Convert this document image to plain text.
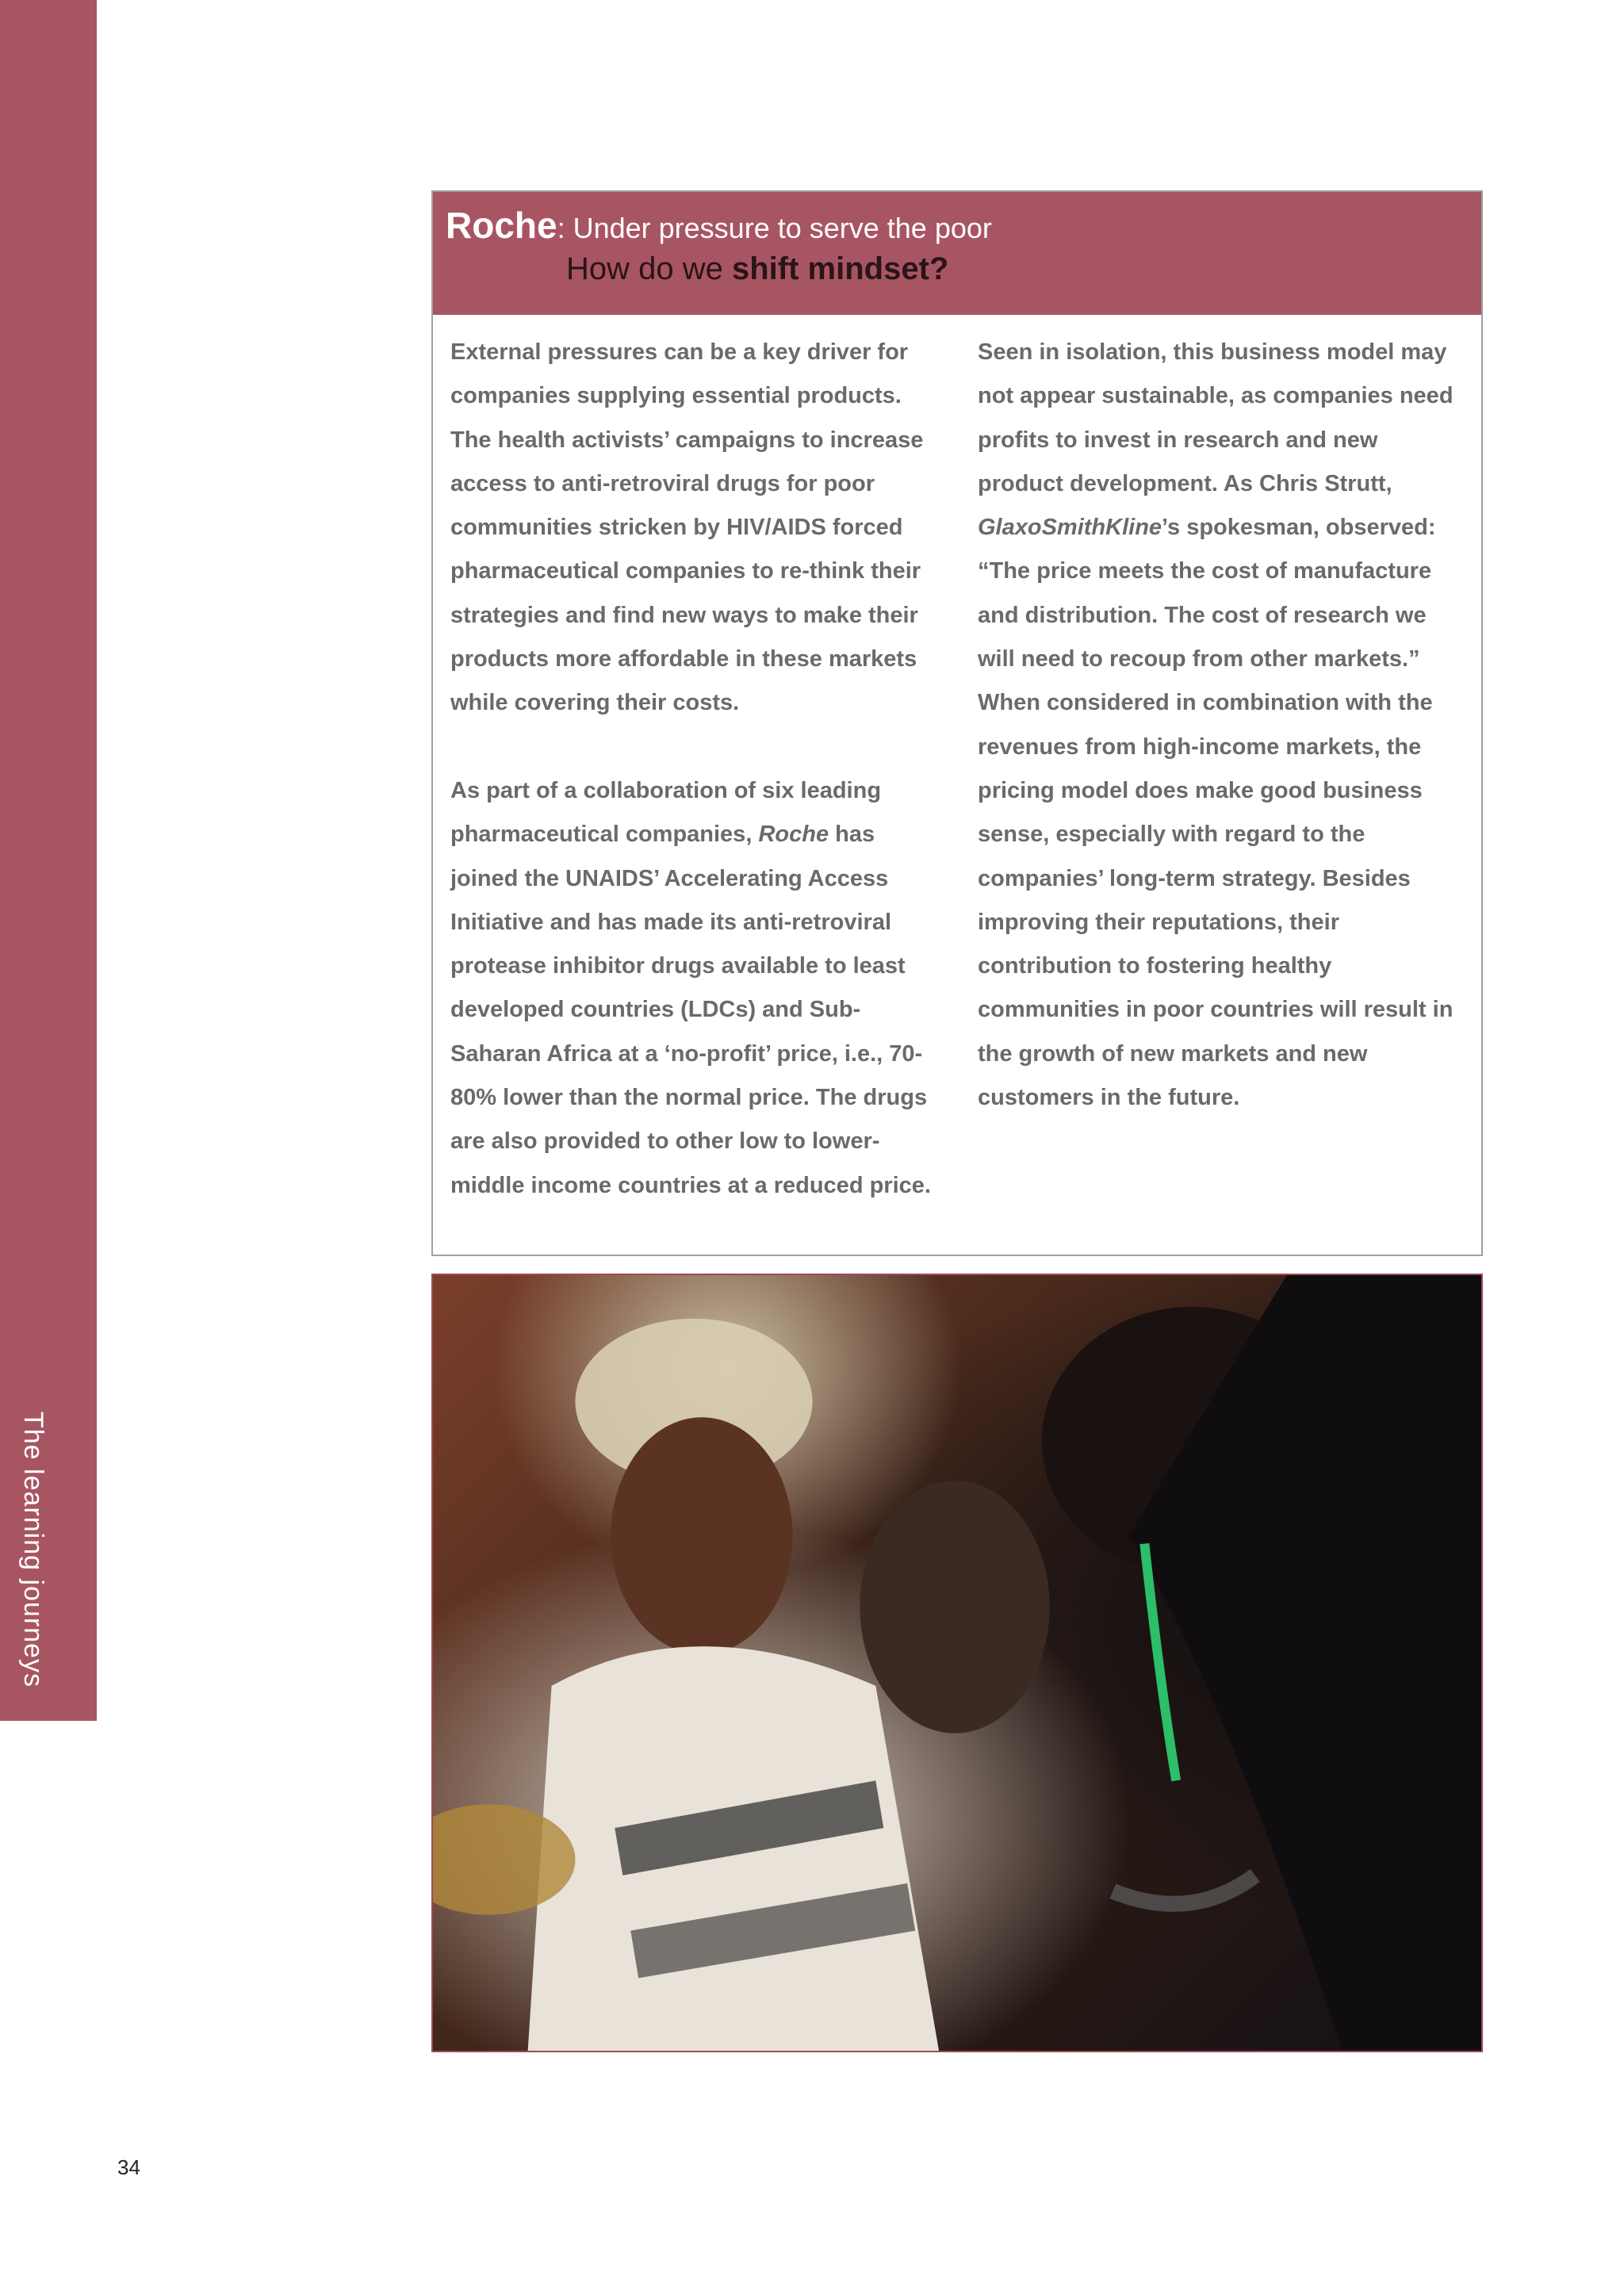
The learning journeys
Roche: Under pressure to serve the poor
How do we shift mindset?

External pressures can be a key driver for companies supplying essential products. The health activists’ campaigns to increase access to anti-retroviral drugs for poor communities stricken by HIV/AIDS forced pharmaceutical companies to re-think their strategies and find new ways to make their products more affordable in these markets while covering their costs.

As part of a collaboration of six leading pharmaceutical companies, Roche has joined the UNAIDS’ Accelerating Access Initiative and has made its anti-retroviral protease inhibitor drugs available to least developed countries (LDCs) and Sub-Saharan Africa at a ‘no-profit’ price, i.e., 70-80% lower than the normal price. The drugs are also provided to other low to lower-middle income countries at a reduced price.

Seen in isolation, this business model may not appear sustainable, as companies need profits to invest in research and new product development. As Chris Strutt, GlaxoSmithKline’s spokesman, observed: “The price meets the cost of manufacture and distribution. The cost of research we will need to recoup from other markets.” When considered in combination with the revenues from high-income markets, the pricing model does make good business sense, especially with regard to the companies’ long-term strategy. Besides improving their reputations, their contribution to fostering healthy communities in poor countries will result in the growth of new markets and new customers in the future.

34
